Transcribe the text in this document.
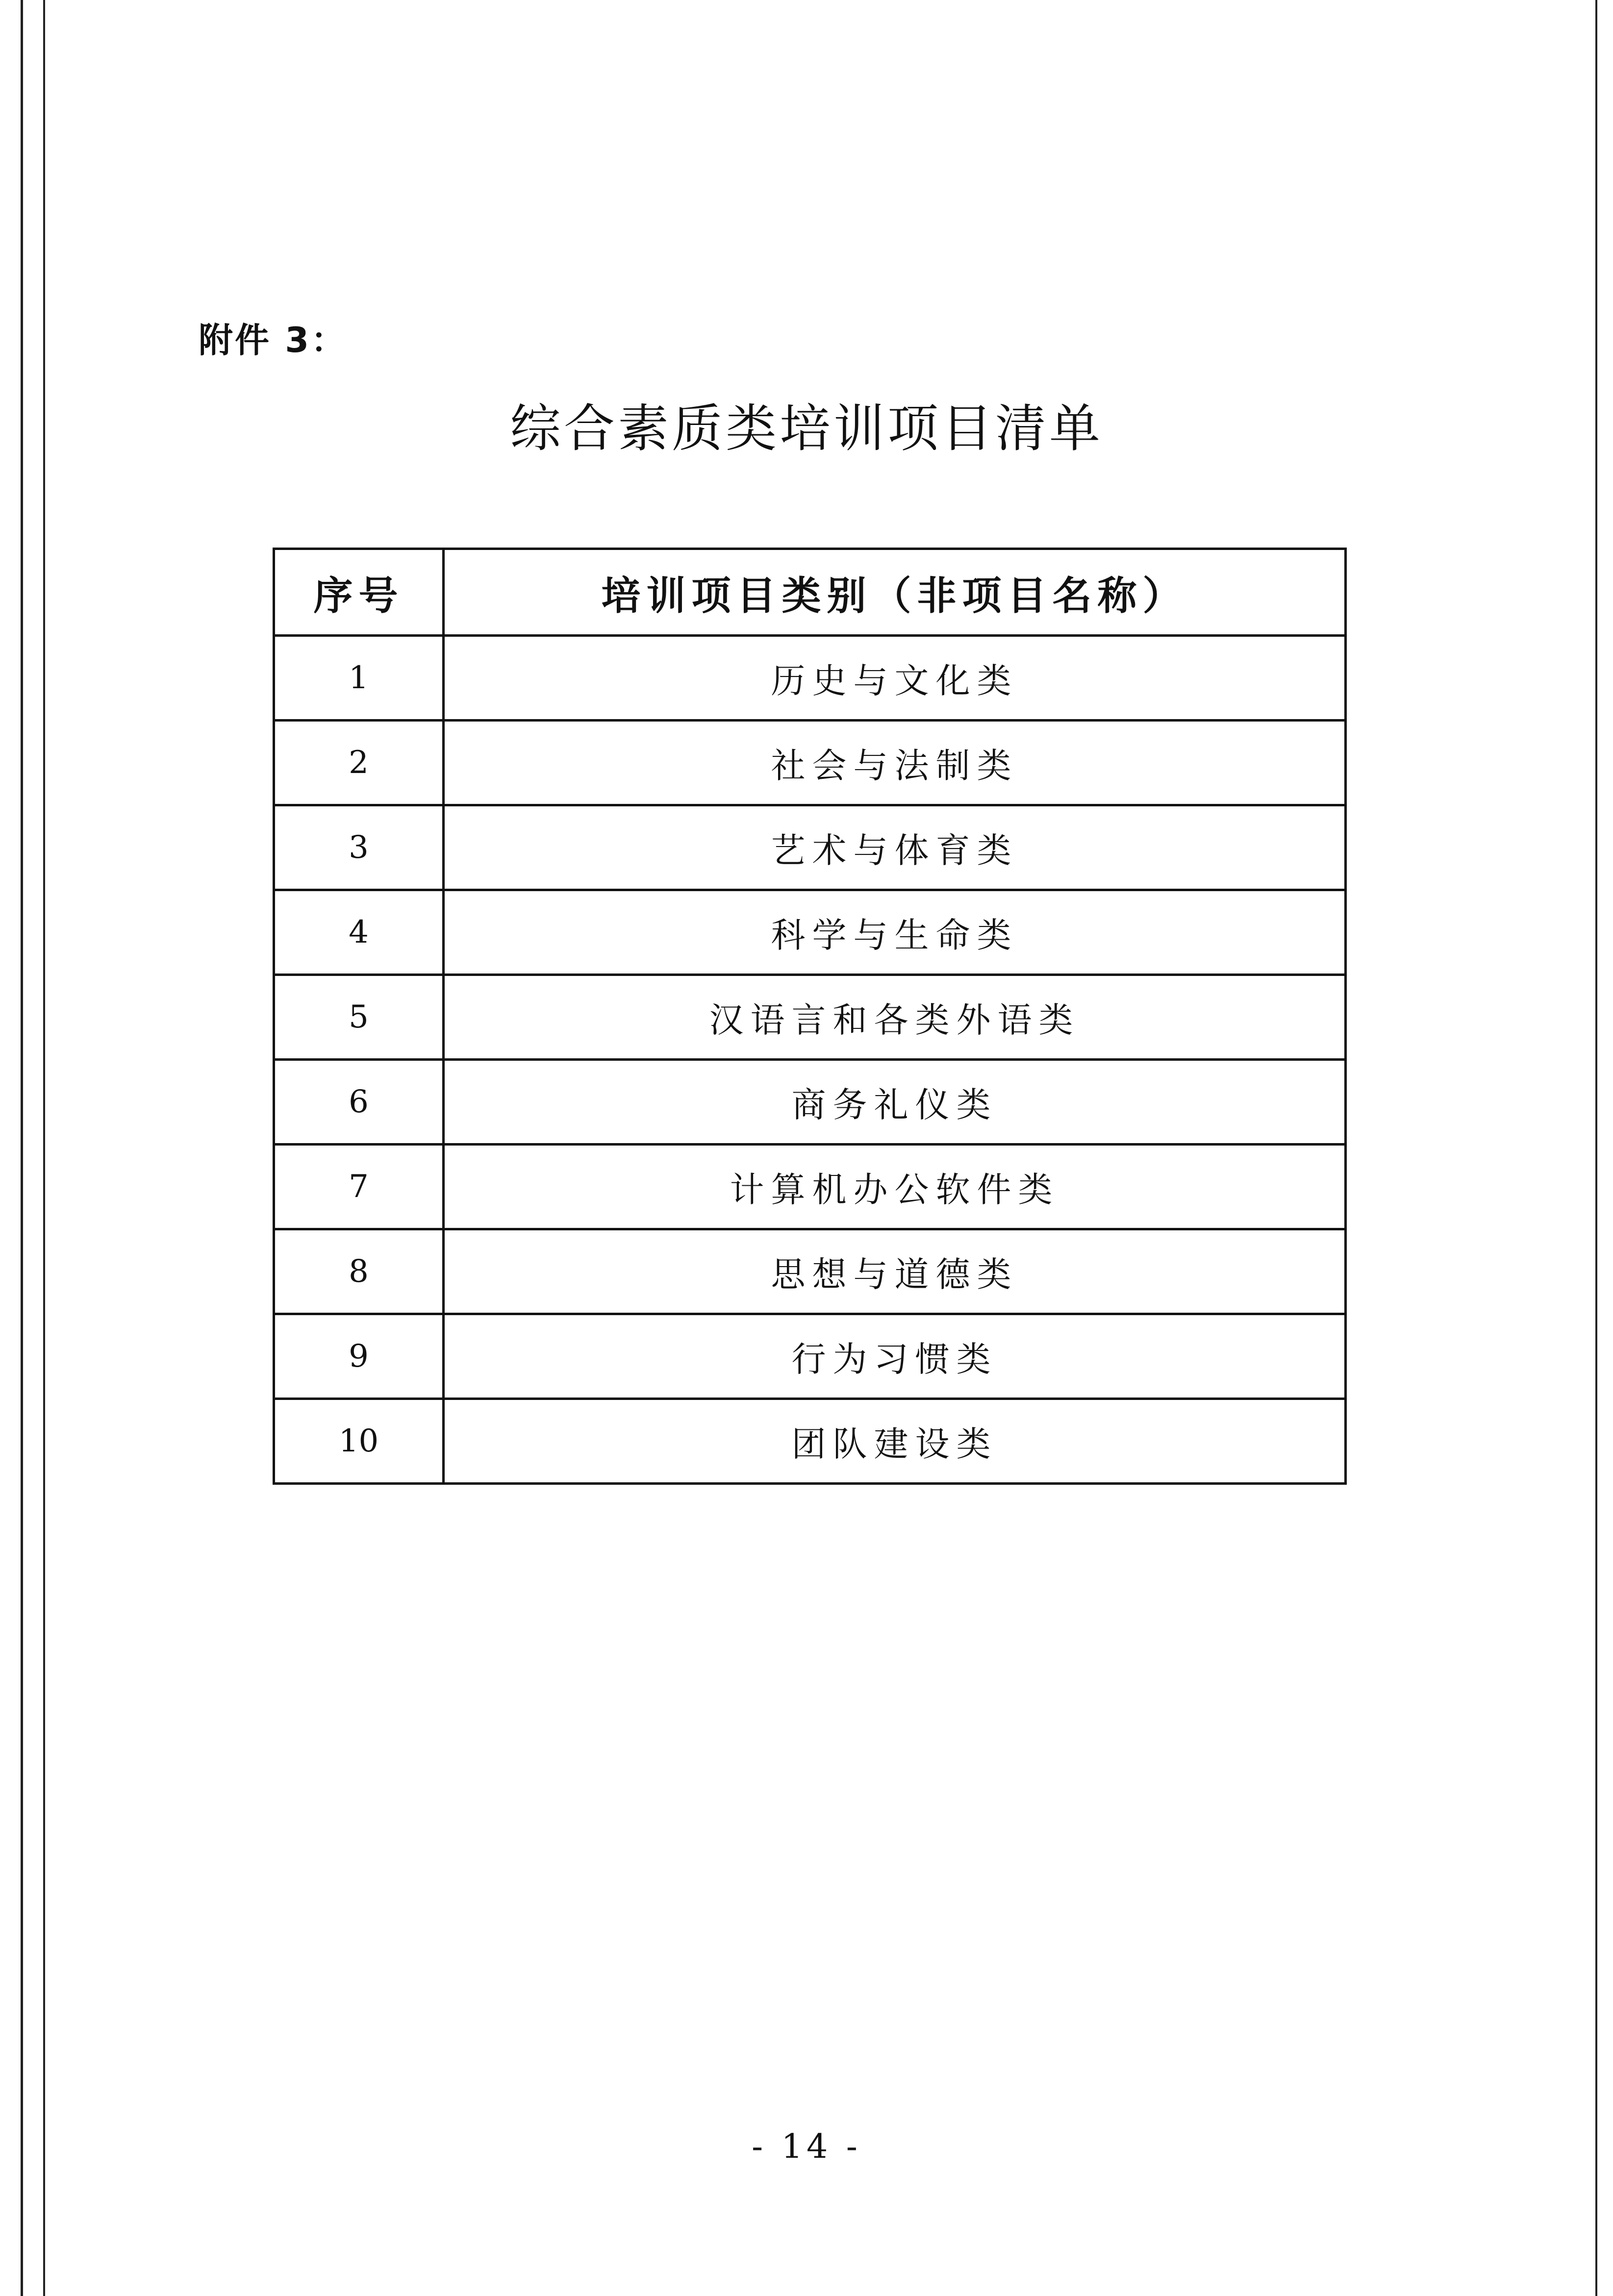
附件 3：
综合素质类培训项目清单
序号	培训项目类别（非项目名称）
1	历史与文化类
2	社会与法制类
3	艺术与体育类
4	科学与生命类
5	汉语言和各类外语类
6	商务礼仪类
7	计算机办公软件类
8	思想与道德类
9	行为习惯类
10	团队建设类
- 14 -
